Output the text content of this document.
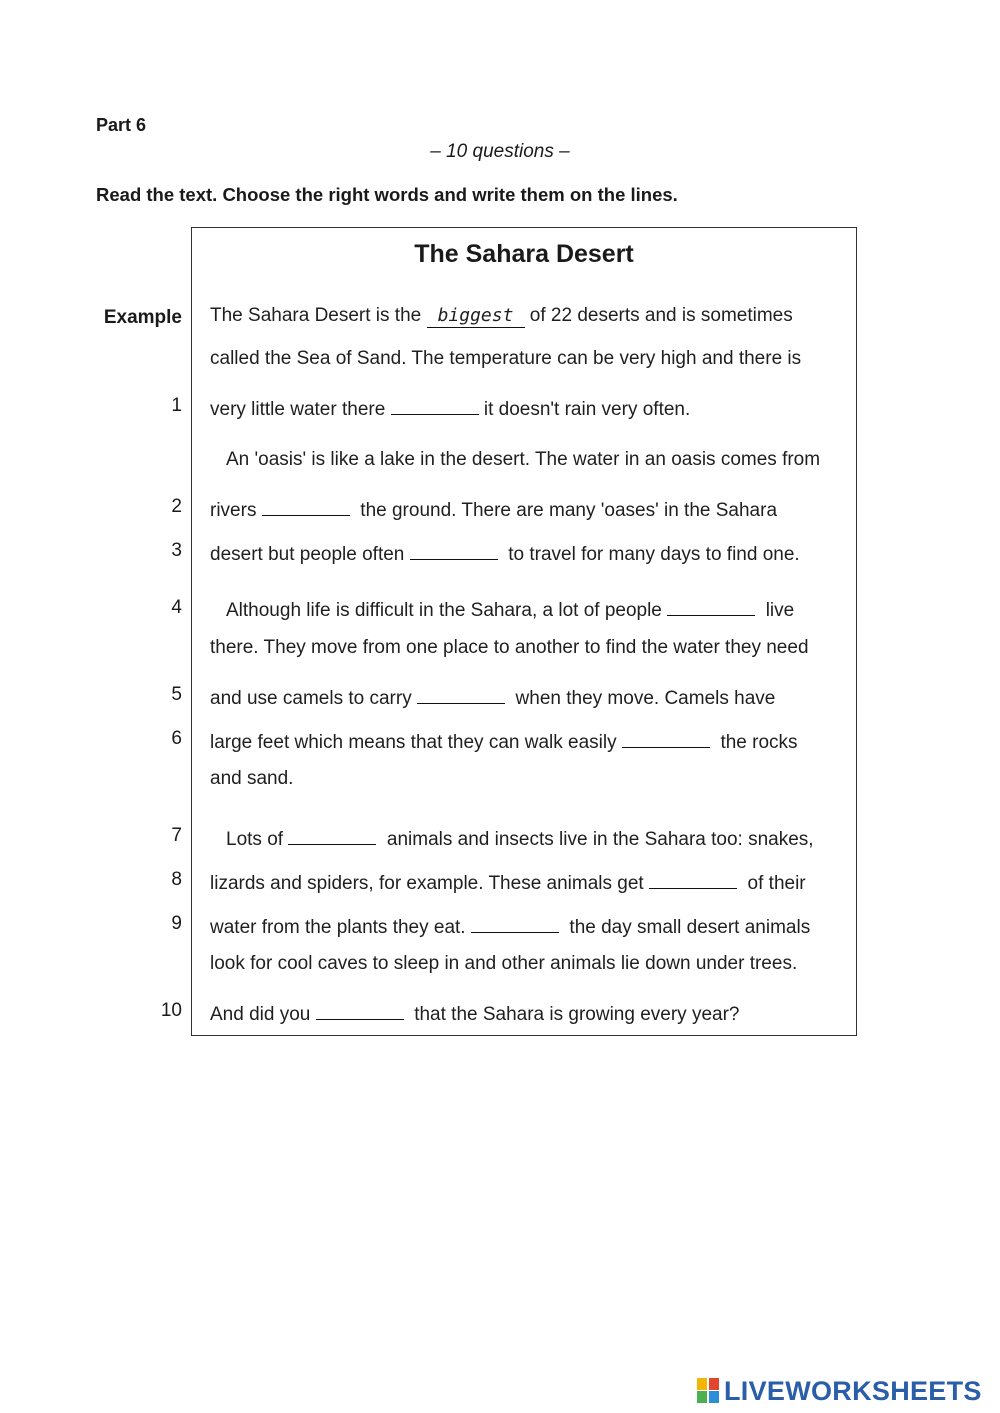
Part 6
– 10 questions –
Read the text. Choose the right words and write them on the lines.
The Sahara Desert
Example The Sahara Desert is the biggest of 22 deserts and is sometimes
called the Sea of Sand. The temperature can be very high and there is
1 very little water there	it doesn't rain very often.
An 'oasis' is like a lake in the desert. The water in an oasis comes from
2 rivers	the ground. There are many 'oases' in the Sahara
3 desert but people often	to travel for many days to find one.
4 Although life is difficult in the Sahara, a lot of people	live
there. They move from one place to another to find the water they need
5 and use camels to carry	when they move. Camels have
6 large feet which means that they can walk easily	the rocks
and sand.
7 Lots of	animals and insects live in the Sahara too: snakes,
8 lizards and spiders, for example. These animals get	of their
9 water from the plants they eat.	the day small desert animals
look for cool caves to sleep in and other animals lie down under trees.
10 And did you	that the Sahara is growing every year?
LIVEWORKSHEETS
